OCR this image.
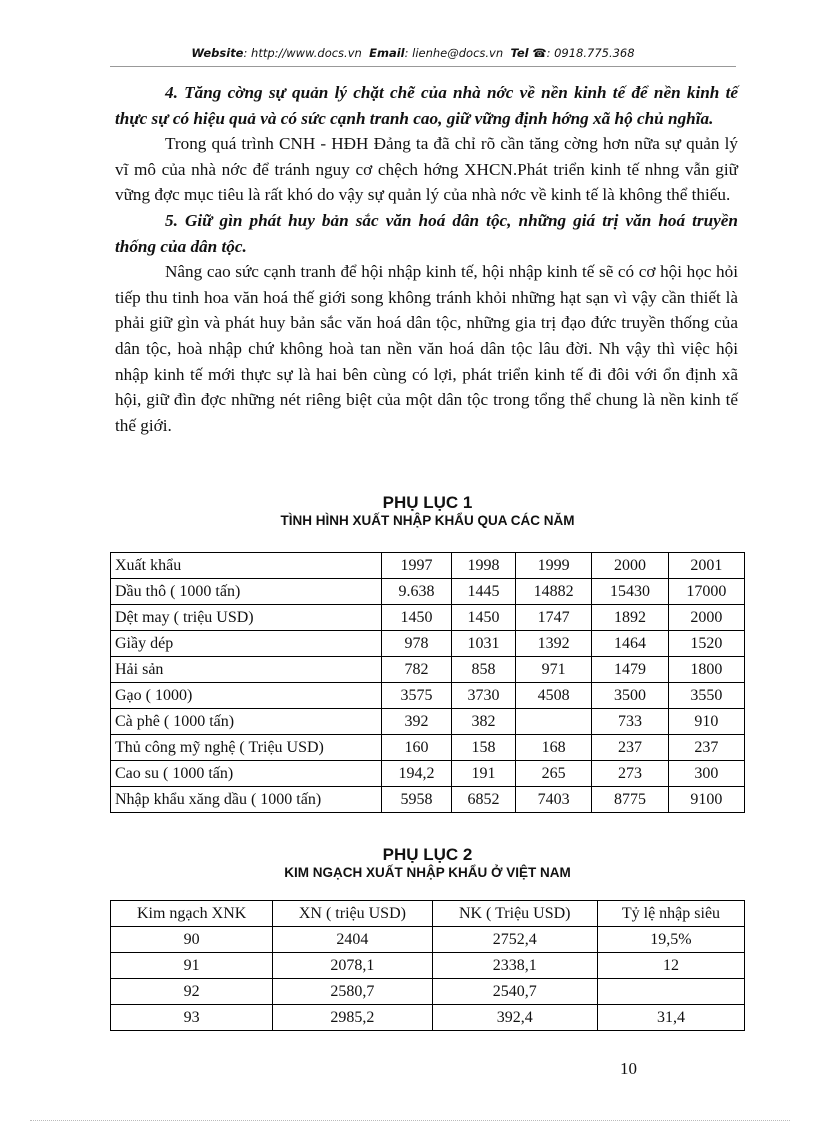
Website: http://www.docs.vn Email: lienhe@docs.vn Tel ☎: 0918.775.368

4. Tăng cờng sự quản lý chặt chẽ của nhà nớc về nền kinh tế để nền kinh tế thực sự có hiệu quả và có sức cạnh tranh cao, giữ vững định hớng xã hộ chủ nghĩa.

Trong quá trình CNH - HĐH Đảng ta đã chỉ rõ cần tăng cờng hơn nữa sự quản lý vĩ mô của nhà nớc để tránh nguy cơ chệch hớng XHCN.Phát triển kinh tế nhng vẫn giữ vững đợc mục tiêu là rất khó do vậy sự quản lý của nhà nớc về kinh tế là không thể thiếu.

5. Giữ gìn phát huy bản sắc văn hoá dân tộc, những giá trị văn hoá truyền thống của dân tộc.

Nâng cao sức cạnh tranh để hội nhập kinh tế, hội nhập kinh tế sẽ có cơ hội học hỏi tiếp thu tinh hoa văn hoá thế giới song không tránh khỏi những hạt sạn vì vậy cần thiết là phải giữ gìn và phát huy bản sắc văn hoá dân tộc, những gia trị đạo đức truyền thống của dân tộc, hoà nhập chứ không hoà tan nền văn hoá dân tộc lâu đời. Nh vậy thì việc hội nhập kinh tế mới thực sự là hai bên cùng có lợi, phát triển kinh tế đi đôi với ổn định xã hội, giữ đìn đợc những nét riêng biệt của một dân tộc trong tổng thể chung là nền kinh tế thế giới.

PHỤ LỤC 1
TÌNH HÌNH XUẤT NHẬP KHẨU QUA CÁC NĂM
Xuất khẩu	1997	1998	1999	2000	2001
Dầu thô ( 1000 tấn)	9.638	1445	14882	15430	17000
Dệt may ( triệu USD)	1450	1450	1747	1892	2000
Giầy dép	978	1031	1392	1464	1520
Hải sản	782	858	971	1479	1800
Gạo ( 1000)	3575	3730	4508	3500	3550
Cà phê ( 1000 tấn)	392	382		733	910
Thủ công mỹ nghệ ( Triệu USD)	160	158	168	237	237
Cao su ( 1000 tấn)	194,2	191	265	273	300
Nhập khẩu xăng dầu ( 1000 tấn)	5958	6852	7403	8775	9100
PHỤ LỤC 2
KIM NGẠCH XUẤT NHẬP KHẨU Ở VIỆT NAM
Kim ngạch XNK	XN ( triệu USD)	NK ( Triệu USD)	Tỷ lệ nhập siêu
90	2404	2752,4	19,5%
91	2078,1	2338,1	12
92	2580,7	2540,7	
93	2985,2	392,4	31,4
10
